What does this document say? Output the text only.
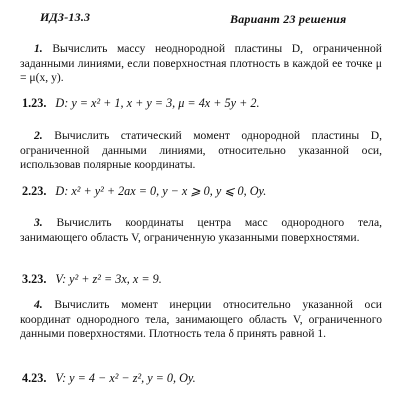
ИДЗ-13.3	Вариант 23 решения
1. Вычислить массу неоднородной пластины D, ограниченной заданными линиями, если поверхностная плотность в каждой ее точке μ = μ(x, y).
1.23. D: y = x² + 1, x + y = 3, μ = 4x + 5y + 2.
2. Вычислить статический момент однородной пластины D, ограниченной данными линиями, относительно указанной оси, использовав полярные координаты.
2.23. D: x² + y² + 2ax = 0, y − x ⩾ 0, y ⩽ 0, Oy.
3. Вычислить координаты центра масс однородного тела, занимающего область V, ограниченную указанными поверхностями.
3.23. V: y² + z² = 3x, x = 9.
4. Вычислить момент инерции относительно указанной оси координат однородного тела, занимающего область V, ограниченного данными поверхностями. Плотность тела δ принять равной 1.
4.23. V: y = 4 − x² − z², y = 0, Oy.
